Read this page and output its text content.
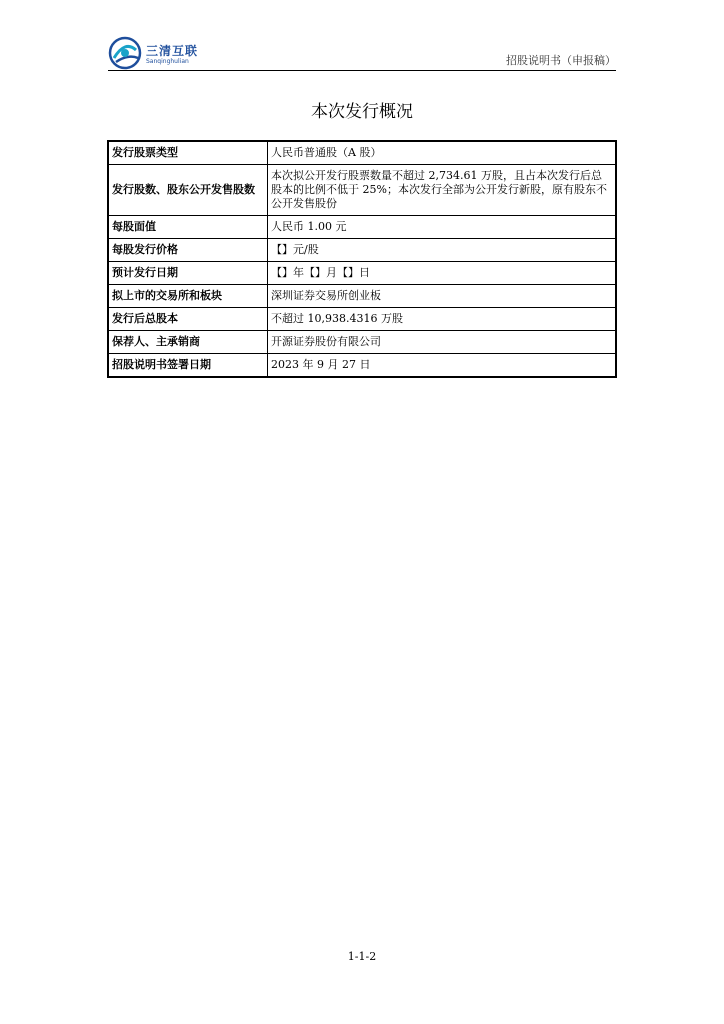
三清互联
Sanqinghulian	招股说明书（申报稿）
本次发行概况
发行股票类型	人民币普通股（A 股）
发行股数、股东公开发售股数	本次拟公开发行股票数量不超过 2,734.61 万股，且占本次发行后总股本的比例不低于 25%；本次发行全部为公开发行新股，原有股东不公开发售股份
每股面值	人民币 1.00 元
每股发行价格	【】元/股
预计发行日期	【】年【】月【】日
拟上市的交易所和板块	深圳证券交易所创业板
发行后总股本	不超过 10,938.4316 万股
保荐人、主承销商	开源证券股份有限公司
招股说明书签署日期	2023 年 9 月 27 日
1-1-2
